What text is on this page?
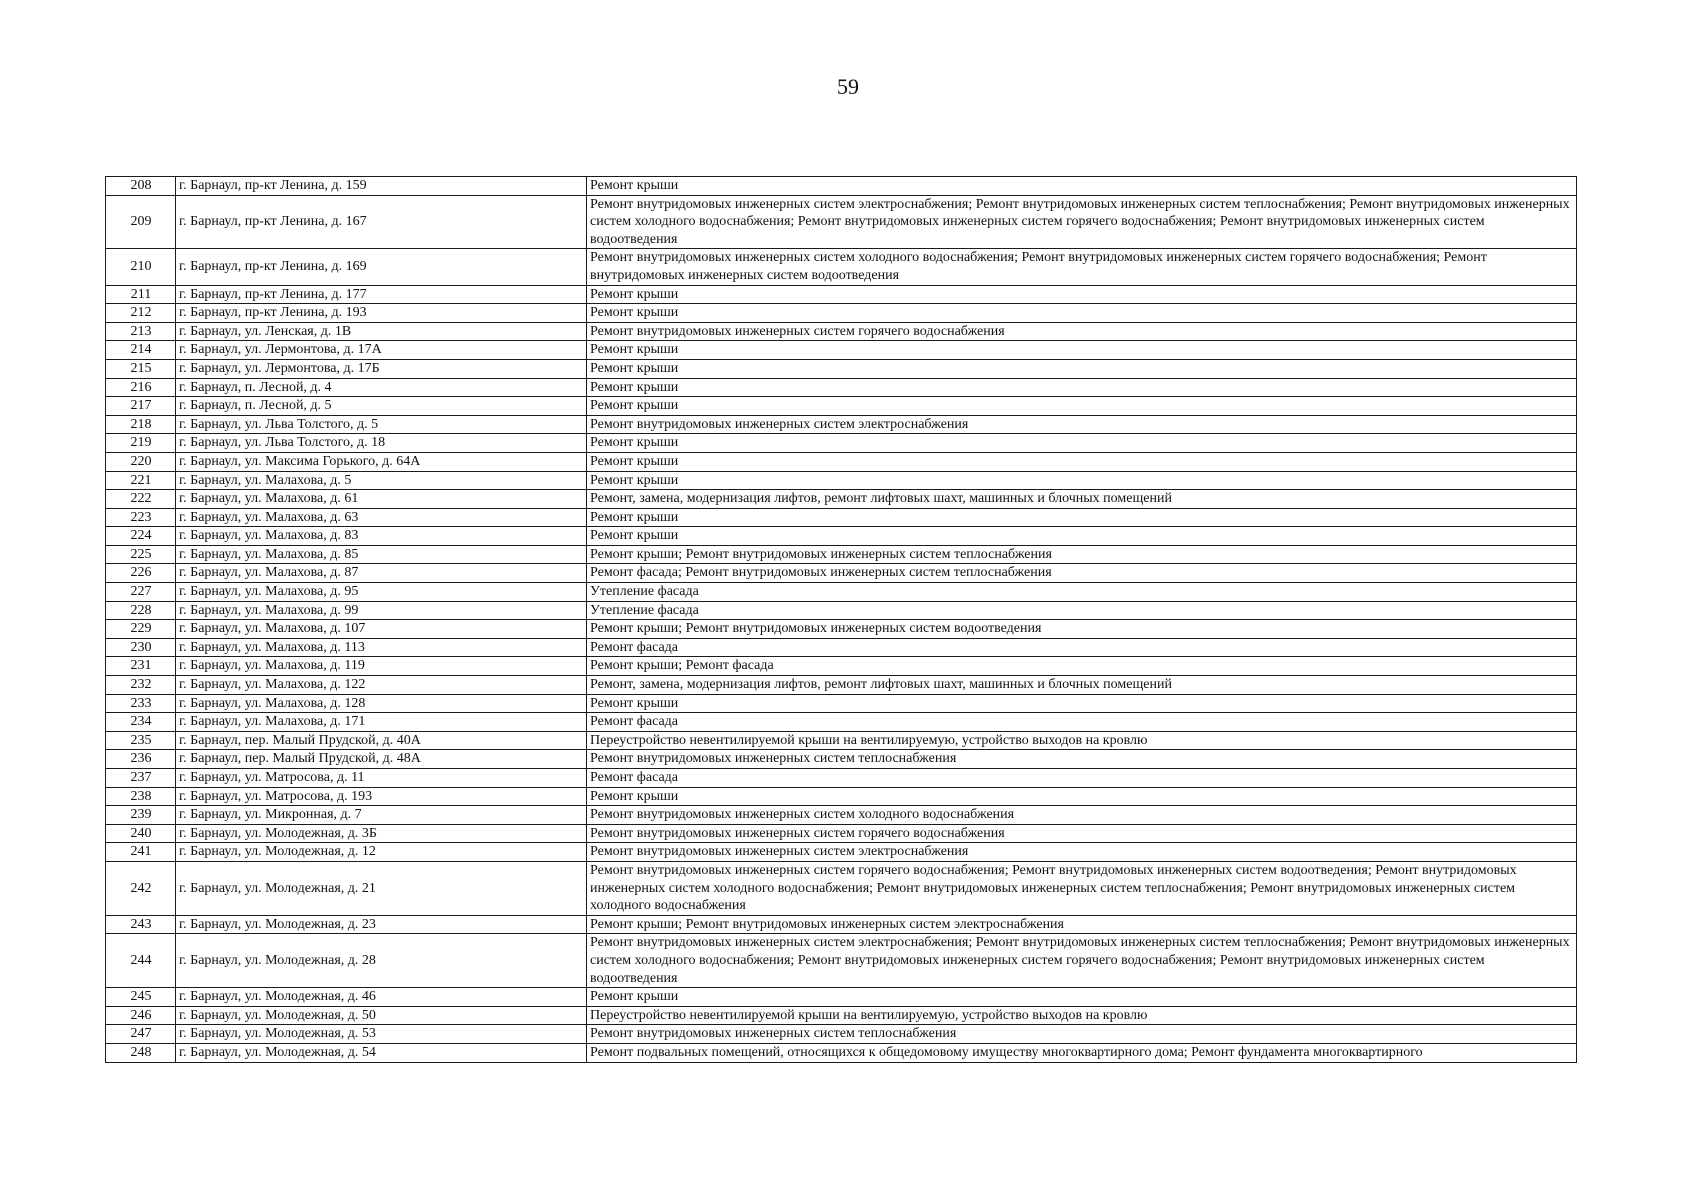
59
208	г. Барнаул, пр-кт Ленина, д. 159	Ремонт крыши
209	г. Барнаул, пр-кт Ленина, д. 167	Ремонт внутридомовых инженерных систем электроснабжения; Ремонт внутридомовых инженерных систем теплоснабжения; Ремонт внутридомовых инженерных систем холодного водоснабжения; Ремонт внутридомовых инженерных систем горячего водоснабжения; Ремонт внутридомовых инженерных систем водоотведения
210	г. Барнаул, пр-кт Ленина, д. 169	Ремонт внутридомовых инженерных систем холодного водоснабжения; Ремонт внутридомовых инженерных систем горячего водоснабжения; Ремонт внутридомовых инженерных систем водоотведения
211	г. Барнаул, пр-кт Ленина, д. 177	Ремонт крыши
212	г. Барнаул, пр-кт Ленина, д. 193	Ремонт крыши
213	г. Барнаул, ул. Ленская, д. 1В	Ремонт внутридомовых инженерных систем горячего водоснабжения
214	г. Барнаул, ул. Лермонтова, д. 17А	Ремонт крыши
215	г. Барнаул, ул. Лермонтова, д. 17Б	Ремонт крыши
216	г. Барнаул, п. Лесной, д. 4	Ремонт крыши
217	г. Барнаул, п. Лесной, д. 5	Ремонт крыши
218	г. Барнаул, ул. Льва Толстого, д. 5	Ремонт внутридомовых инженерных систем электроснабжения
219	г. Барнаул, ул. Льва Толстого, д. 18	Ремонт крыши
220	г. Барнаул, ул. Максима Горького, д. 64А	Ремонт крыши
221	г. Барнаул, ул. Малахова, д. 5	Ремонт крыши
222	г. Барнаул, ул. Малахова, д. 61	Ремонт, замена, модернизация лифтов, ремонт лифтовых шахт, машинных и блочных помещений
223	г. Барнаул, ул. Малахова, д. 63	Ремонт крыши
224	г. Барнаул, ул. Малахова, д. 83	Ремонт крыши
225	г. Барнаул, ул. Малахова, д. 85	Ремонт крыши; Ремонт внутридомовых инженерных систем теплоснабжения
226	г. Барнаул, ул. Малахова, д. 87	Ремонт фасада; Ремонт внутридомовых инженерных систем теплоснабжения
227	г. Барнаул, ул. Малахова, д. 95	Утепление фасада
228	г. Барнаул, ул. Малахова, д. 99	Утепление фасада
229	г. Барнаул, ул. Малахова, д. 107	Ремонт крыши; Ремонт внутридомовых инженерных систем водоотведения
230	г. Барнаул, ул. Малахова, д. 113	Ремонт фасада
231	г. Барнаул, ул. Малахова, д. 119	Ремонт крыши; Ремонт фасада
232	г. Барнаул, ул. Малахова, д. 122	Ремонт, замена, модернизация лифтов, ремонт лифтовых шахт, машинных и блочных помещений
233	г. Барнаул, ул. Малахова, д. 128	Ремонт крыши
234	г. Барнаул, ул. Малахова, д. 171	Ремонт фасада
235	г. Барнаул, пер. Малый Прудской, д. 40А	Переустройство невентилируемой крыши на вентилируемую, устройство выходов на кровлю
236	г. Барнаул, пер. Малый Прудской, д. 48А	Ремонт внутридомовых инженерных систем теплоснабжения
237	г. Барнаул, ул. Матросова, д. 11	Ремонт фасада
238	г. Барнаул, ул. Матросова, д. 193	Ремонт крыши
239	г. Барнаул, ул. Микронная, д. 7	Ремонт внутридомовых инженерных систем холодного водоснабжения
240	г. Барнаул, ул. Молодежная, д. 3Б	Ремонт внутридомовых инженерных систем горячего водоснабжения
241	г. Барнаул, ул. Молодежная, д. 12	Ремонт внутридомовых инженерных систем электроснабжения
242	г. Барнаул, ул. Молодежная, д. 21	Ремонт внутридомовых инженерных систем горячего водоснабжения; Ремонт внутридомовых инженерных систем водоотведения; Ремонт внутридомовых инженерных систем холодного водоснабжения; Ремонт внутридомовых инженерных систем теплоснабжения; Ремонт внутридомовых инженерных систем холодного водоснабжения
243	г. Барнаул, ул. Молодежная, д. 23	Ремонт крыши; Ремонт внутридомовых инженерных систем электроснабжения
244	г. Барнаул, ул. Молодежная, д. 28	Ремонт внутридомовых инженерных систем электроснабжения; Ремонт внутридомовых инженерных систем теплоснабжения; Ремонт внутридомовых инженерных систем холодного водоснабжения; Ремонт внутридомовых инженерных систем горячего водоснабжения; Ремонт внутридомовых инженерных систем водоотведения
245	г. Барнаул, ул. Молодежная, д. 46	Ремонт крыши
246	г. Барнаул, ул. Молодежная, д. 50	Переустройство невентилируемой крыши на вентилируемую, устройство выходов на кровлю
247	г. Барнаул, ул. Молодежная, д. 53	Ремонт внутридомовых инженерных систем теплоснабжения
248	г. Барнаул, ул. Молодежная, д. 54	Ремонт подвальных помещений, относящихся к общедомовому имуществу многоквартирного дома; Ремонт фундамента многоквартирного
